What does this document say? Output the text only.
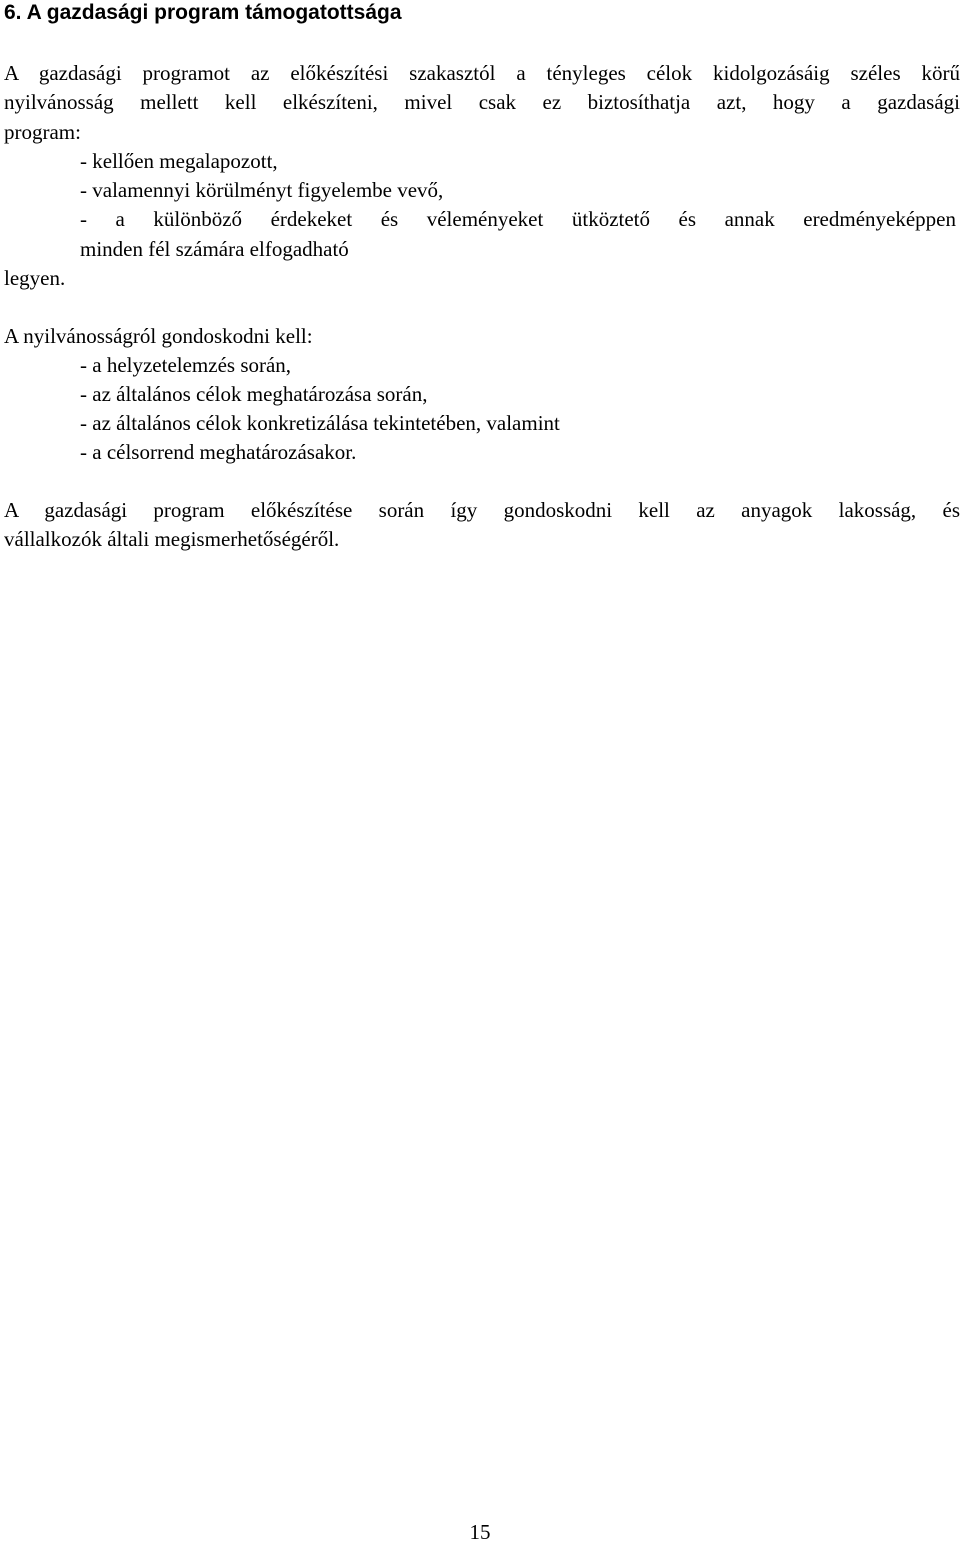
6. A gazdasági program támogatottsága
A gazdasági programot az előkészítési szakasztól a tényleges célok kidolgozásáig széles körű
nyilvánosság mellett kell elkészíteni, mivel csak ez biztosíthatja azt, hogy a gazdasági
program:
- kellően megalapozott,
- valamennyi körülményt figyelembe vevő,
- a különböző érdekeket és véleményeket ütköztető és annak eredményeképpen
minden fél számára elfogadható
legyen.
A nyilvánosságról gondoskodni kell:
- a helyzetelemzés során,
- az általános célok meghatározása során,
- az általános célok konkretizálása tekintetében, valamint
- a célsorrend meghatározásakor.
A gazdasági program előkészítése során így gondoskodni kell az anyagok lakosság, és
vállalkozók általi megismerhetőségéről.
15
